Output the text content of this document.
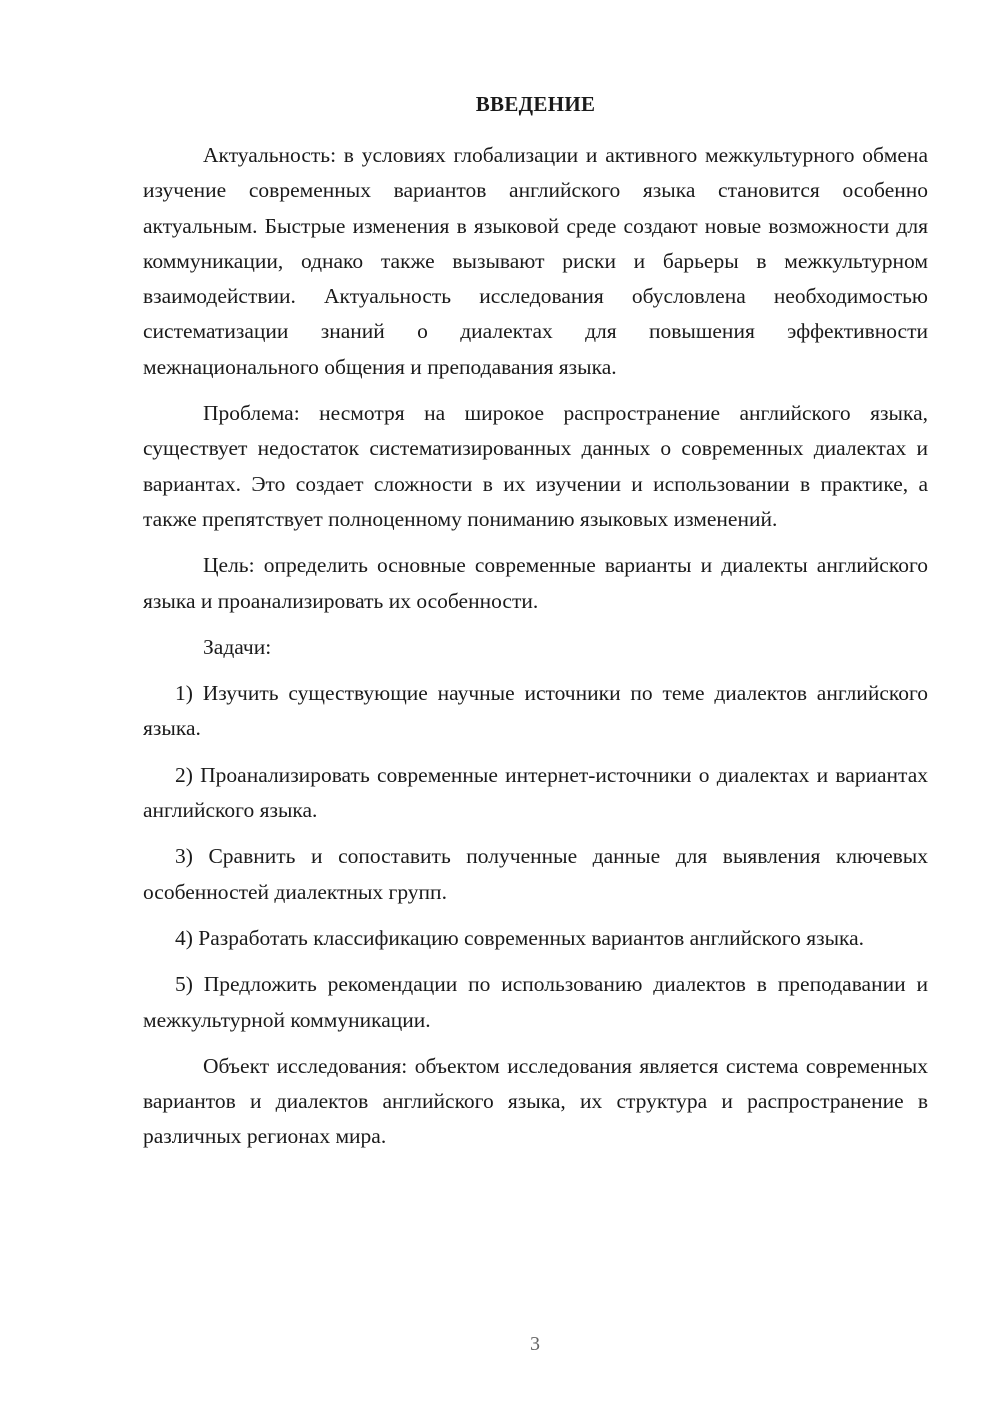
ВВЕДЕНИЕ

Актуальность: в условиях глобализации и активного межкультурного обмена изучение современных вариантов английского языка становится особенно актуальным. Быстрые изменения в языковой среде создают новые возможности для коммуникации, однако также вызывают риски и барьеры в межкультурном взаимодействии. Актуальность исследования обусловлена необходимостью систематизации знаний о диалектах для повышения эффективности межнационального общения и преподавания языка.

Проблема: несмотря на широкое распространение английского языка, существует недостаток систематизированных данных о современных диалектах и вариантах. Это создает сложности в их изучении и использовании в практике, а также препятствует полноценному пониманию языковых изменений.

Цель: определить основные современные варианты и диалекты английского языка и проанализировать их особенности.

Задачи:

1) Изучить существующие научные источники по теме диалектов английского языка.

2) Проанализировать современные интернет-источники о диалектах и вариантах английского языка.

3) Сравнить и сопоставить полученные данные для выявления ключевых особенностей диалектных групп.

4) Разработать классификацию современных вариантов английского языка.

5) Предложить рекомендации по использованию диалектов в преподавании и межкультурной коммуникации.

Объект исследования: объектом исследования является система современных вариантов и диалектов английского языка, их структура и распространение в различных регионах мира.

3
